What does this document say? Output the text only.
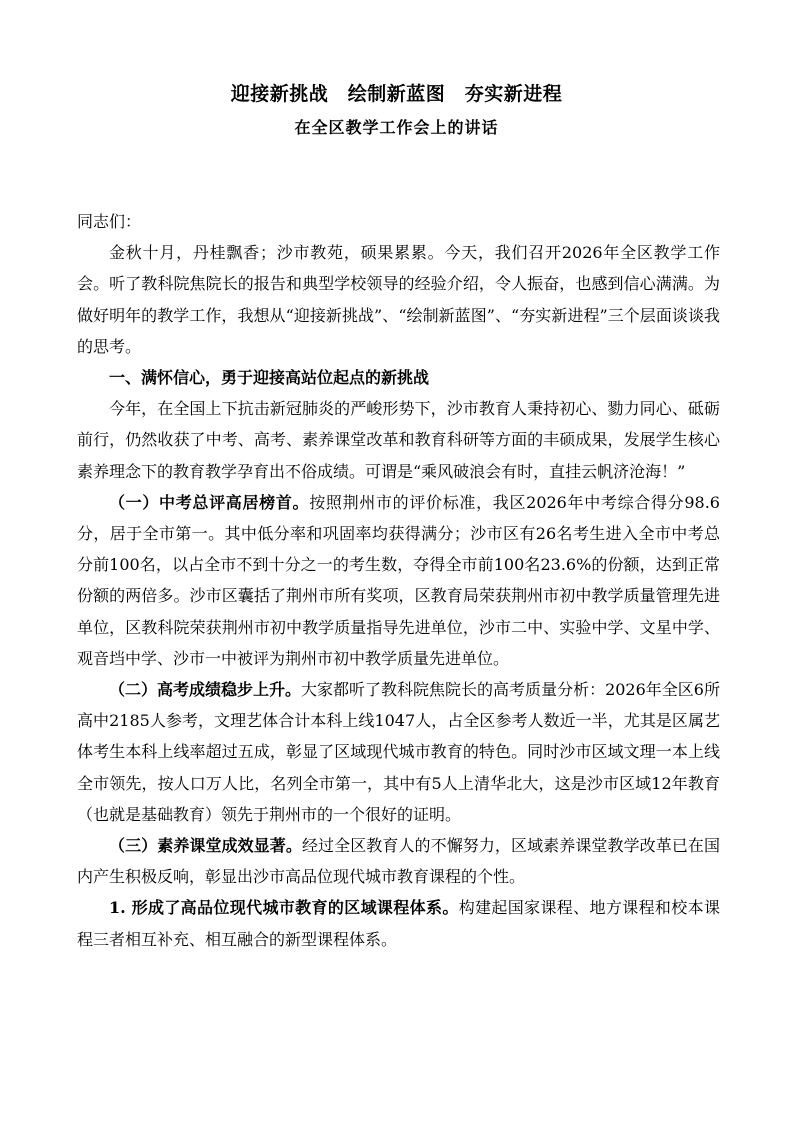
迎接新挑战　绘制新蓝图　夯实新进程
在全区教学工作会上的讲话

同志们：

金秋十月，丹桂飘香；沙市教苑，硕果累累。今天，我们召开2026年全区教学工作会。听了教科院焦院长的报告和典型学校领导的经验介绍，令人振奋，也感到信心满满。为做好明年的教学工作，我想从“迎接新挑战”、“绘制新蓝图”、“夯实新进程”三个层面谈谈我的思考。

一、满怀信心，勇于迎接高站位起点的新挑战

今年，在全国上下抗击新冠肺炎的严峻形势下，沙市教育人秉持初心、勠力同心、砥砺前行，仍然收获了中考、高考、素养课堂改革和教育科研等方面的丰硕成果，发展学生核心素养理念下的教育教学孕育出不俗成绩。可谓是“乘风破浪会有时，直挂云帆济沧海！”

（一）中考总评高居榜首。按照荆州市的评价标准，我区2026年中考综合得分98.6分，居于全市第一。其中低分率和巩固率均获得满分；沙市区有26名考生进入全市中考总分前100名，以占全市不到十分之一的考生数，夺得全市前100名23.6%的份额，达到正常份额的两倍多。沙市区囊括了荆州市所有奖项，区教育局荣获荆州市初中教学质量管理先进单位，区教科院荣获荆州市初中教学质量指导先进单位，沙市二中、实验中学、文星中学、观音垱中学、沙市一中被评为荆州市初中教学质量先进单位。

（二）高考成绩稳步上升。大家都听了教科院焦院长的高考质量分析：2026年全区6所高中2185人参考，文理艺体合计本科上线1047人，占全区参考人数近一半，尤其是区属艺体考生本科上线率超过五成，彰显了区域现代城市教育的特色。同时沙市区域文理一本上线全市领先，按人口万人比，名列全市第一，其中有5人上清华北大，这是沙市区域12年教育（也就是基础教育）领先于荆州市的一个很好的证明。

（三）素养课堂成效显著。经过全区教育人的不懈努力，区域素养课堂教学改革已在国内产生积极反响，彰显出沙市高品位现代城市教育课程的个性。

1. 形成了高品位现代城市教育的区域课程体系。构建起国家课程、地方课程和校本课程三者相互补充、相互融合的新型课程体系。
